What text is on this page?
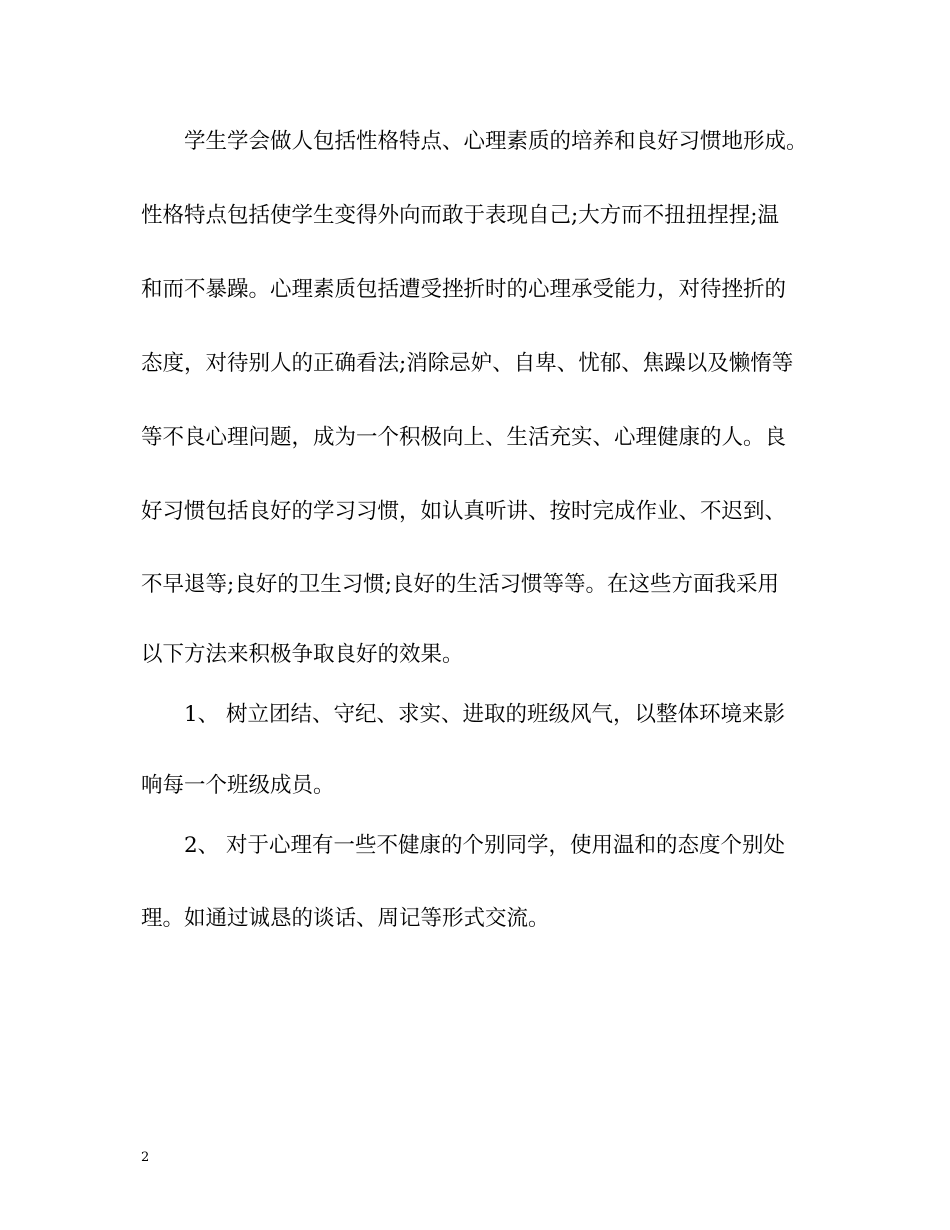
学生学会做人包括性格特点、心理素质的培养和良好习惯地形成。
性格特点包括使学生变得外向而敢于表现自己;大方而不扭扭捏捏;温
和而不暴躁。心理素质包括遭受挫折时的心理承受能力，对待挫折的
态度，对待别人的正确看法;消除忌妒、自卑、忧郁、焦躁以及懒惰等
等不良心理问题，成为一个积极向上、生活充实、心理健康的人。良
好习惯包括良好的学习习惯，如认真听讲、按时完成作业、不迟到、
不早退等;良好的卫生习惯;良好的生活习惯等等。在这些方面我采用
以下方法来积极争取良好的效果。
1、 树立团结、守纪、求实、进取的班级风气，以整体环境来影
响每一个班级成员。
2、 对于心理有一些不健康的个别同学，使用温和的态度个别处
理。如通过诚恳的谈话、周记等形式交流。
2
